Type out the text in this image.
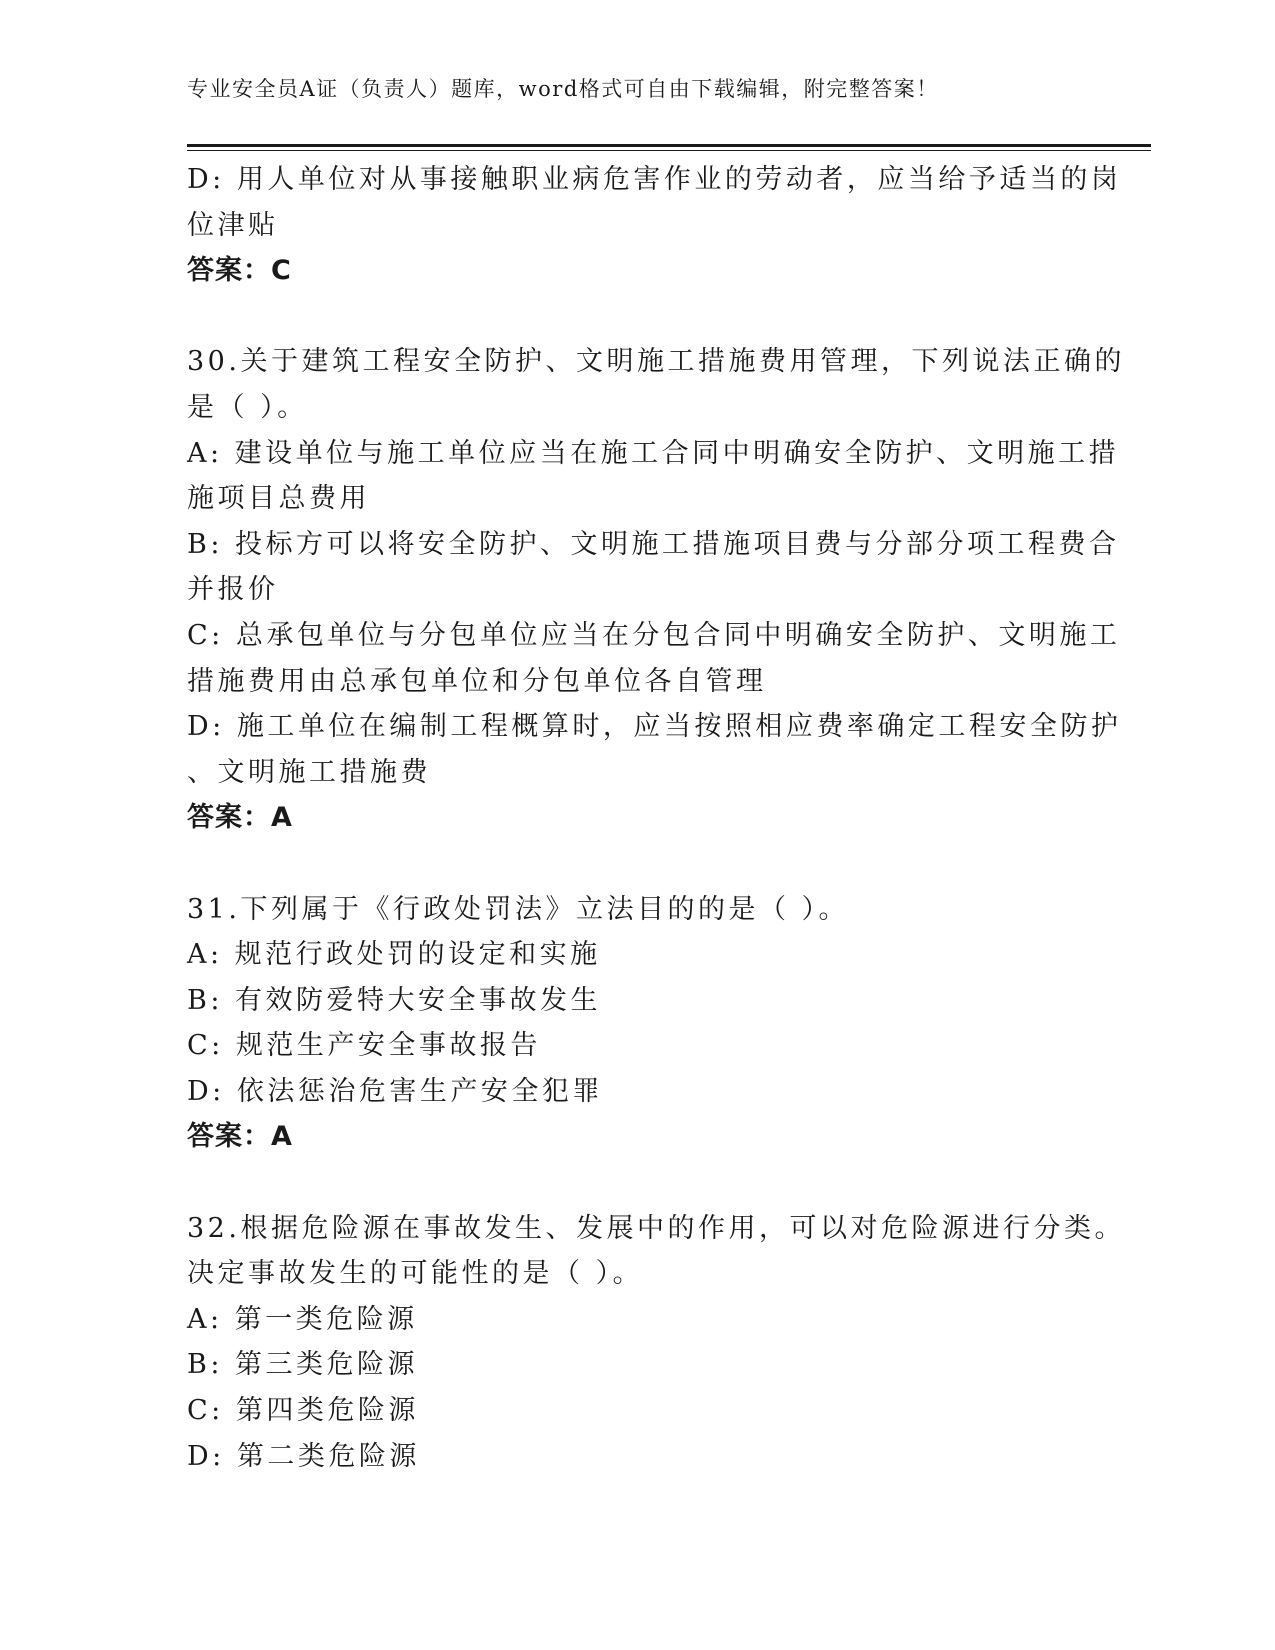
专业安全员A证（负责人）题库，word格式可自由下载编辑，附完整答案！
D: 用人单位对从事接触职业病危害作业的劳动者，应当给予适当的岗
位津贴
答案：C
30.关于建筑工程安全防护、文明施工措施费用管理，下列说法正确的
是（ ）。
A: 建设单位与施工单位应当在施工合同中明确安全防护、文明施工措
施项目总费用
B: 投标方可以将安全防护、文明施工措施项目费与分部分项工程费合
并报价
C: 总承包单位与分包单位应当在分包合同中明确安全防护、文明施工
措施费用由总承包单位和分包单位各自管理
D: 施工单位在编制工程概算时，应当按照相应费率确定工程安全防护
、文明施工措施费
答案：A
31.下列属于《行政处罚法》立法目的的是（ ）。
A: 规范行政处罚的设定和实施
B: 有效防爱特大安全事故发生
C: 规范生产安全事故报告
D: 依法惩治危害生产安全犯罪
答案：A
32.根据危险源在事故发生、发展中的作用，可以对危险源进行分类。
决定事故发生的可能性的是（ ）。
A: 第一类危险源
B: 第三类危险源
C: 第四类危险源
D: 第二类危险源
